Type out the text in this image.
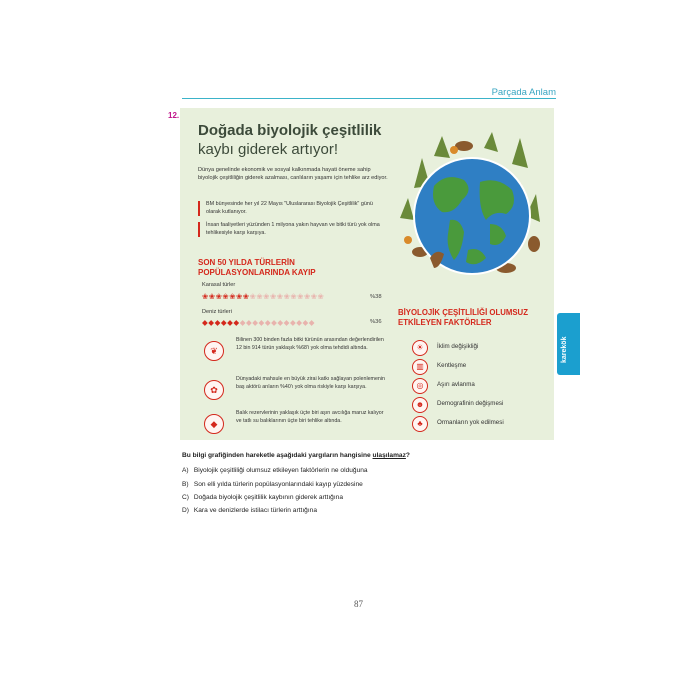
Parçada Anlam
12.
Doğada biyolojik çeşitlilik
kaybı giderek artıyor!
Dünya genelinde ekonomik ve sosyal kalkınmada hayati öneme sahip biyolojik çeşitliliğin giderek azalması, canlıların yaşamı için tehlike arz ediyor.
BM bünyesinde her yıl 22 Mayıs "Uluslararası Biyolojik Çeşitlilik" günü olarak kutlanıyor.
İnsan faaliyetleri yüzünden 1 milyona yakın hayvan ve bitki türü yok olma tehlikesiyle karşı karşıya.
SON 50 YILDA TÜRLERİN POPÜLASYONLARINDA KAYIP
Karasal türler
❀❀❀❀❀❀❀❀❀❀❀❀❀❀❀❀❀❀	%38
Deniz türleri
◆◆◆◆◆◆◆◆◆◆◆◆◆◆◆◆◆◆	%36
❦
Bilinen 300 binden fazla bitki türünün arasından değerlendirilen 12 bin 914 türün yaklaşık %68'i yok olma tehdidi altında.
✿
Dünyadaki mahsule en büyük zirai katkı sağlayan polenlemenin baş aktörü arıların %40'ı yok olma riskiyle karşı karşıya.
◆
Balık rezervlerinin yaklaşık üçte biri aşırı avcılığa maruz kalıyor ve tatlı su balıklarının üçte biri tehlike altında.
BİYOLOJİK ÇEŞİTLİLİĞİ OLUMSUZ ETKİLEYEN FAKTÖRLER
☀	İklim değişikliği
▥	Kentleşme
◎	Aşırı avlanma
☻	Demografinin değişmesi
♣	Ormanların yok edilmesi
karekök
Bu bilgi grafiğinden hareketle aşağıdaki yargıların hangisine ulaşılamaz?
A) Biyolojik çeşitliliği olumsuz etkileyen faktörlerin ne olduğuna
B) Son elli yılda türlerin popülasyonlarındaki kayıp yüzdesine
C) Doğada biyolojik çeşitlilik kaybının giderek arttığına
D) Kara ve denizlerde istilacı türlerin arttığına
87
